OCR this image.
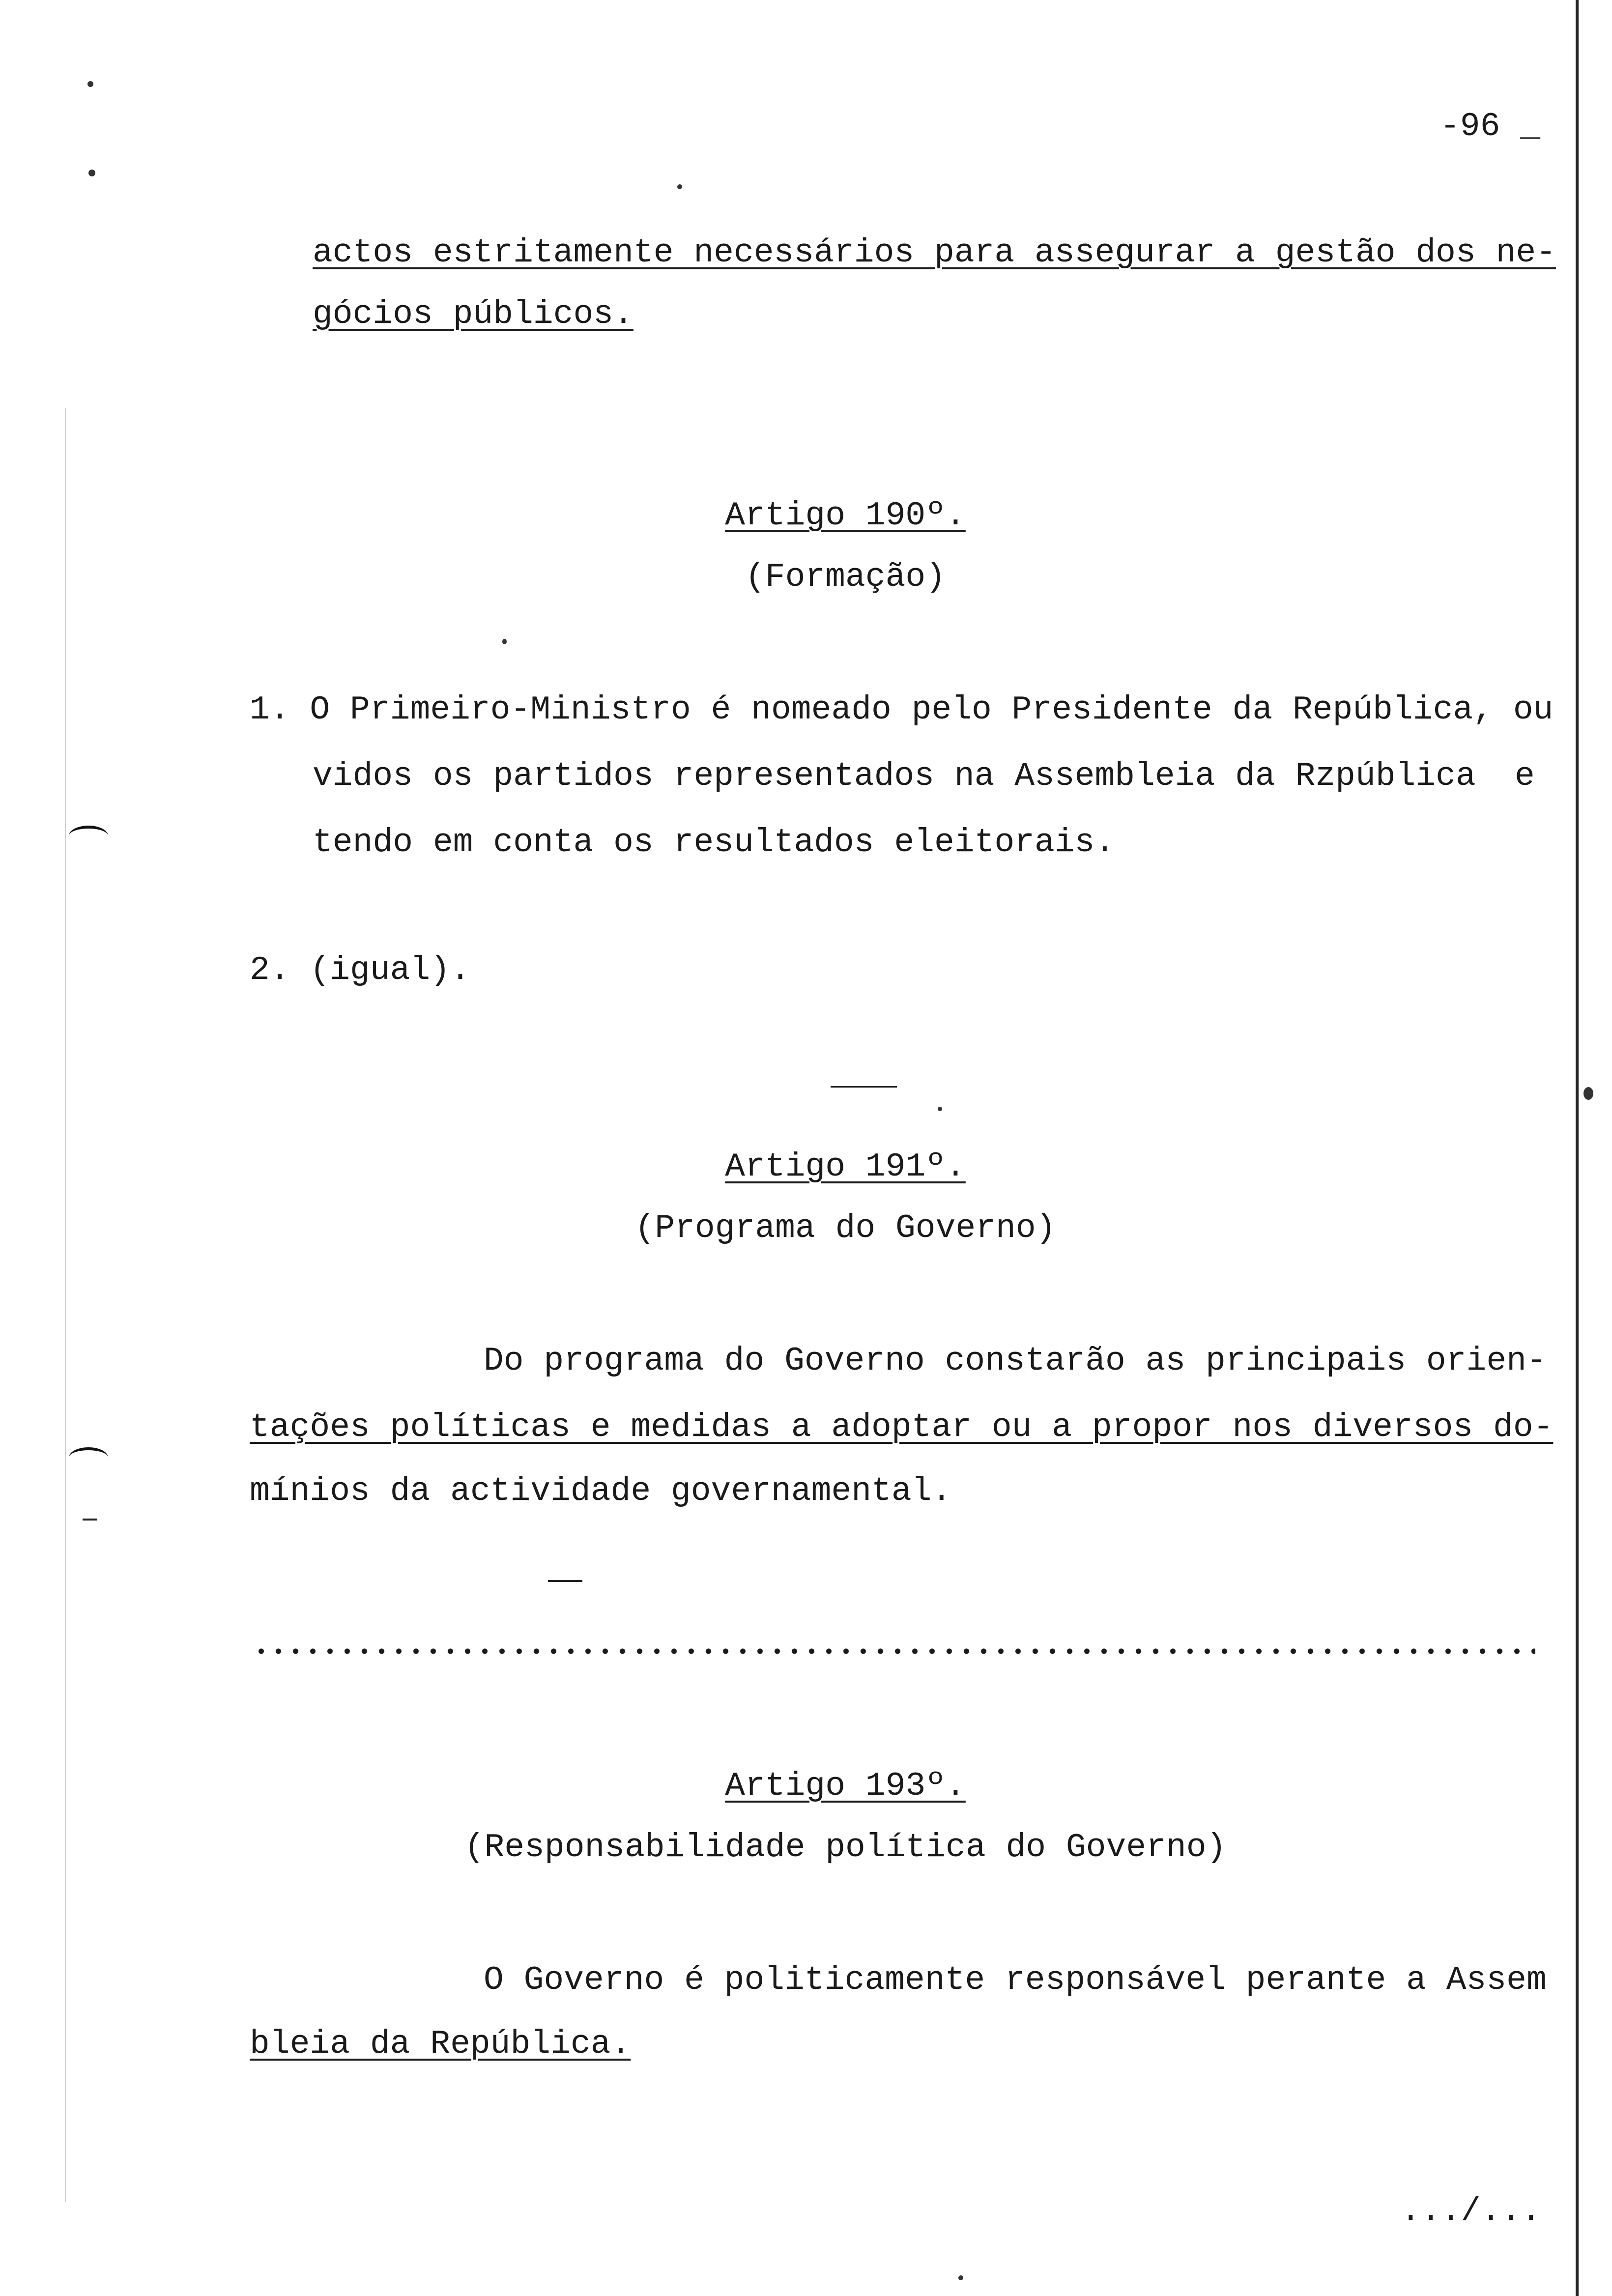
-96 _
actos estritamente necessários para assegurar a gestão dos ne-
gócios públicos.
Artigo 190º.
(Formação)
1. O Primeiro-Ministro é nomeado pelo Presidente da República, ou
vidos os partidos representados na Assembleia da Rzpública e
tendo em conta os resultados eleitorais.
2. (igual).
Artigo 191º.
(Programa do Governo)
Do programa do Governo constarão as principais orien-
tações políticas e medidas a adoptar ou a propor nos diversos do-
mínios da actividade governamental.
Artigo 193º.
(Responsabilidade política do Governo)
O Governo é politicamente responsável perante a Assem
bleia da República.
.../...
